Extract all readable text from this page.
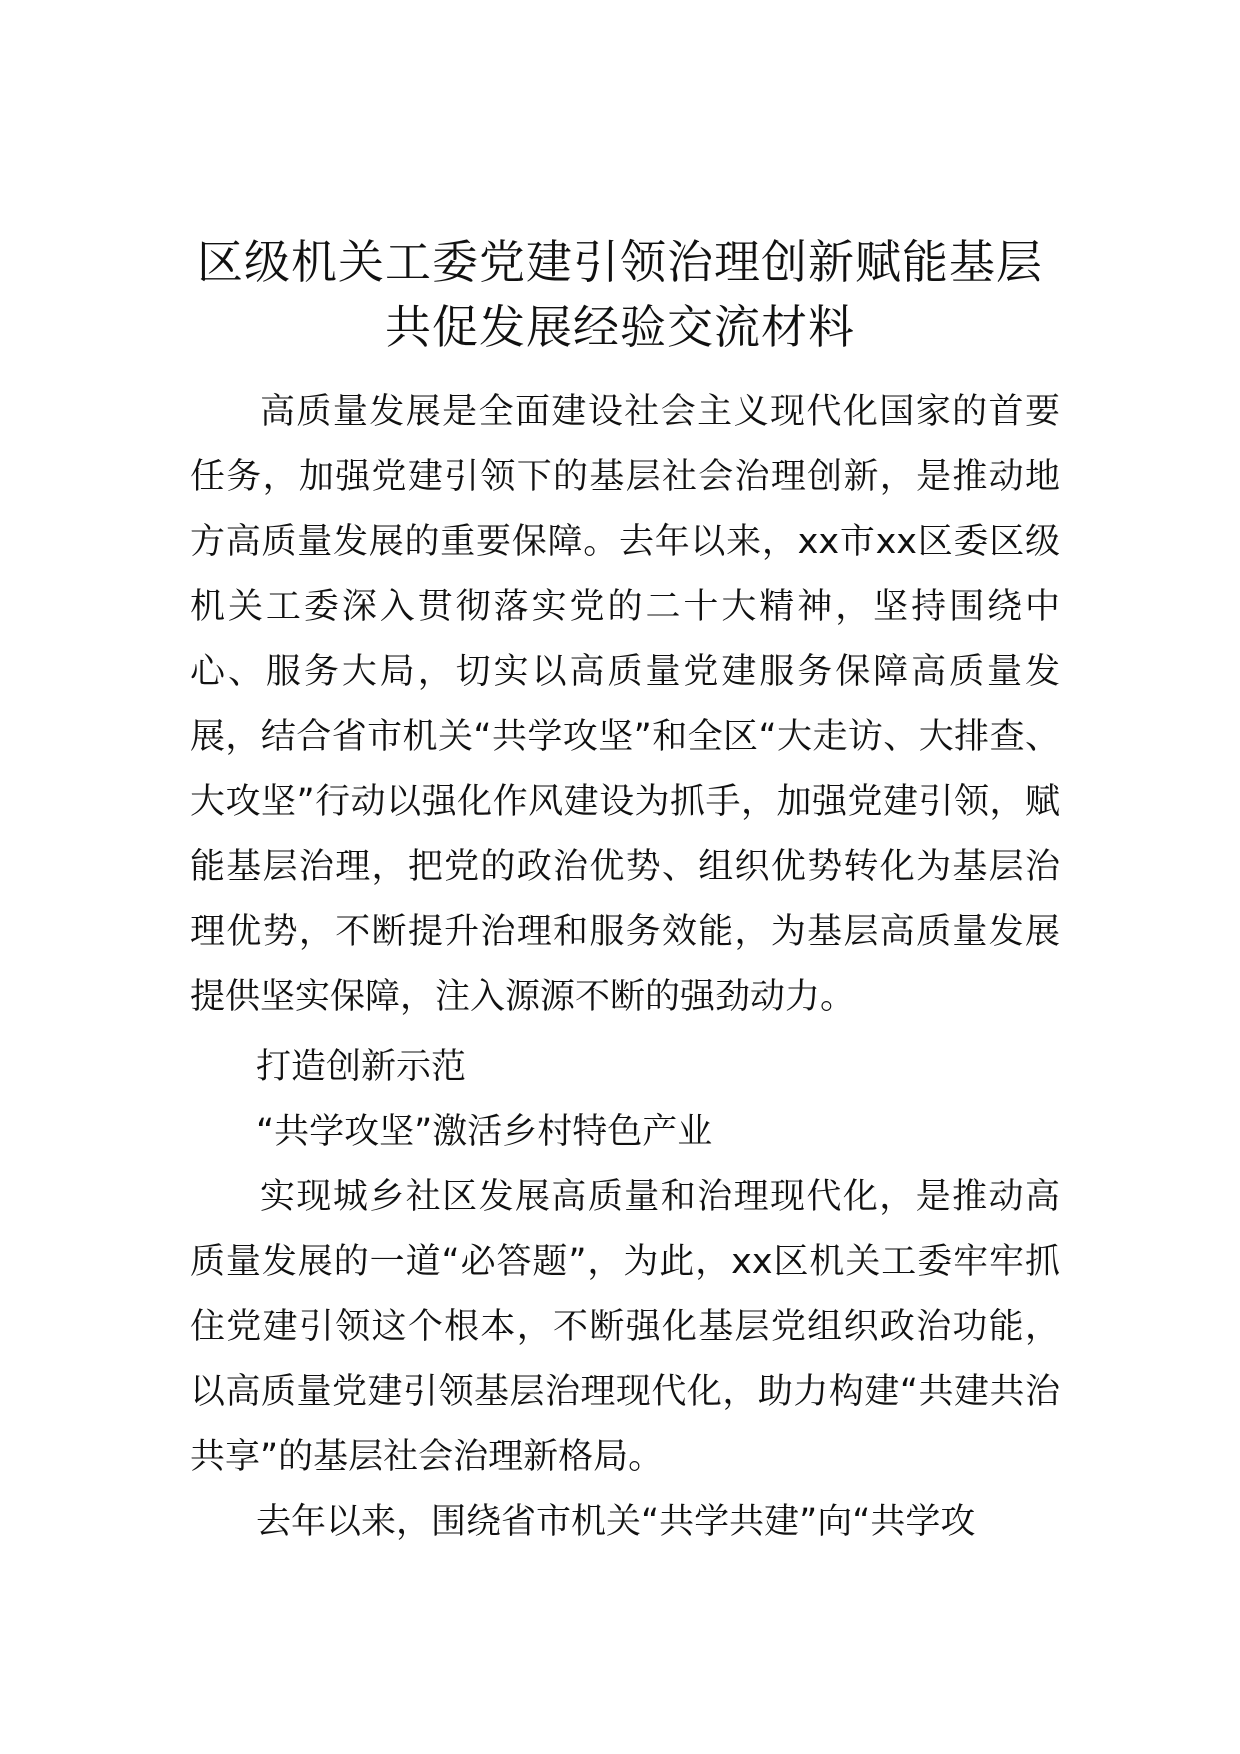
区级机关工委党建引领治理创新赋能基层
共促发展经验交流材料

高质量发展是全面建设社会主义现代化国家的首要任务，加强党建引领下的基层社会治理创新，是推动地方高质量发展的重要保障。去年以来，xx市xx区委区级机关工委深入贯彻落实党的二十大精神，坚持围绕中心、服务大局，切实以高质量党建服务保障高质量发展，结合省市机关“共学攻坚”和全区“大走访、大排查、大攻坚”行动以强化作风建设为抓手，加强党建引领，赋能基层治理，把党的政治优势、组织优势转化为基层治理优势，不断提升治理和服务效能，为基层高质量发展提供坚实保障，注入源源不断的强劲动力。

打造创新示范

“共学攻坚”激活乡村特色产业

实现城乡社区发展高质量和治理现代化，是推动高质量发展的一道“必答题”，为此，xx区机关工委牢牢抓住党建引领这个根本，不断强化基层党组织政治功能，以高质量党建引领基层治理现代化，助力构建“共建共治共享”的基层社会治理新格局。

去年以来，围绕省市机关“共学共建”向“共学攻
